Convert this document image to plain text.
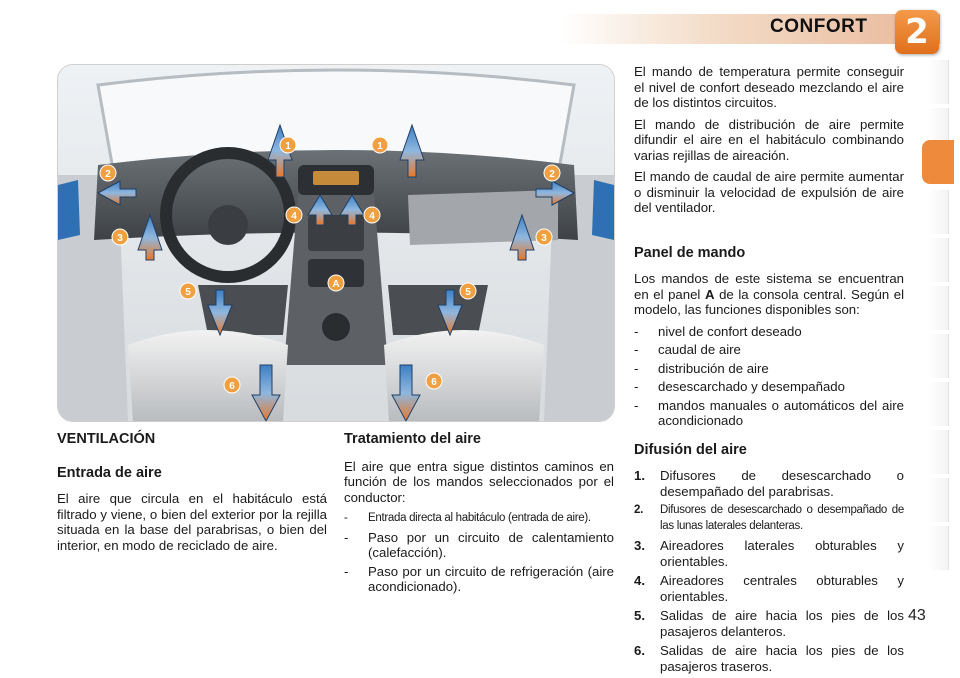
CONFORT 2
1	1
2	2
3	3
4	4
5	5
6	6
A
VENTILACIÓN
Entrada de aire

El aire que circula en el habitáculo está filtrado y viene, o bien del exterior por la rejilla situada en la base del parabrisas, o bien del interior, en modo de reciclado de aire.

Tratamiento del aire

El aire que entra sigue distintos caminos en función de los mandos seleccionados por el conductor:

- Entrada directa al habitáculo (entrada de aire).
- Paso por un circuito de calentamiento (calefacción).
- Paso por un circuito de refrigeración (aire acondicionado).

El mando de temperatura permite conseguir el nivel de confort deseado mezclando el aire de los distintos circuitos.

El mando de distribución de aire permite difundir el aire en el habitáculo combinando varias rejillas de aireación.

El mando de caudal de aire permite aumentar o disminuir la velocidad de expulsión de aire del ventilador.

Panel de mando

Los mandos de este sistema se encuentran en el panel A de la consola central. Según el modelo, las funciones disponibles son:

- nivel de confort deseado
- caudal de aire
- distribución de aire
- desescarchado y desempañado
- mandos manuales o automáticos del aire acondicionado
Difusión del aire
1. Difusores de desescarchado o desempañado del parabrisas.
2. Difusores de desescarchado o desempañado de las lunas laterales delanteras.
3. Aireadores laterales obturables y orientables.
4. Aireadores centrales obturables y orientables.
5. Salidas de aire hacia los pies de los pasajeros delanteros.
6. Salidas de aire hacia los pies de los pasajeros traseros.
43
